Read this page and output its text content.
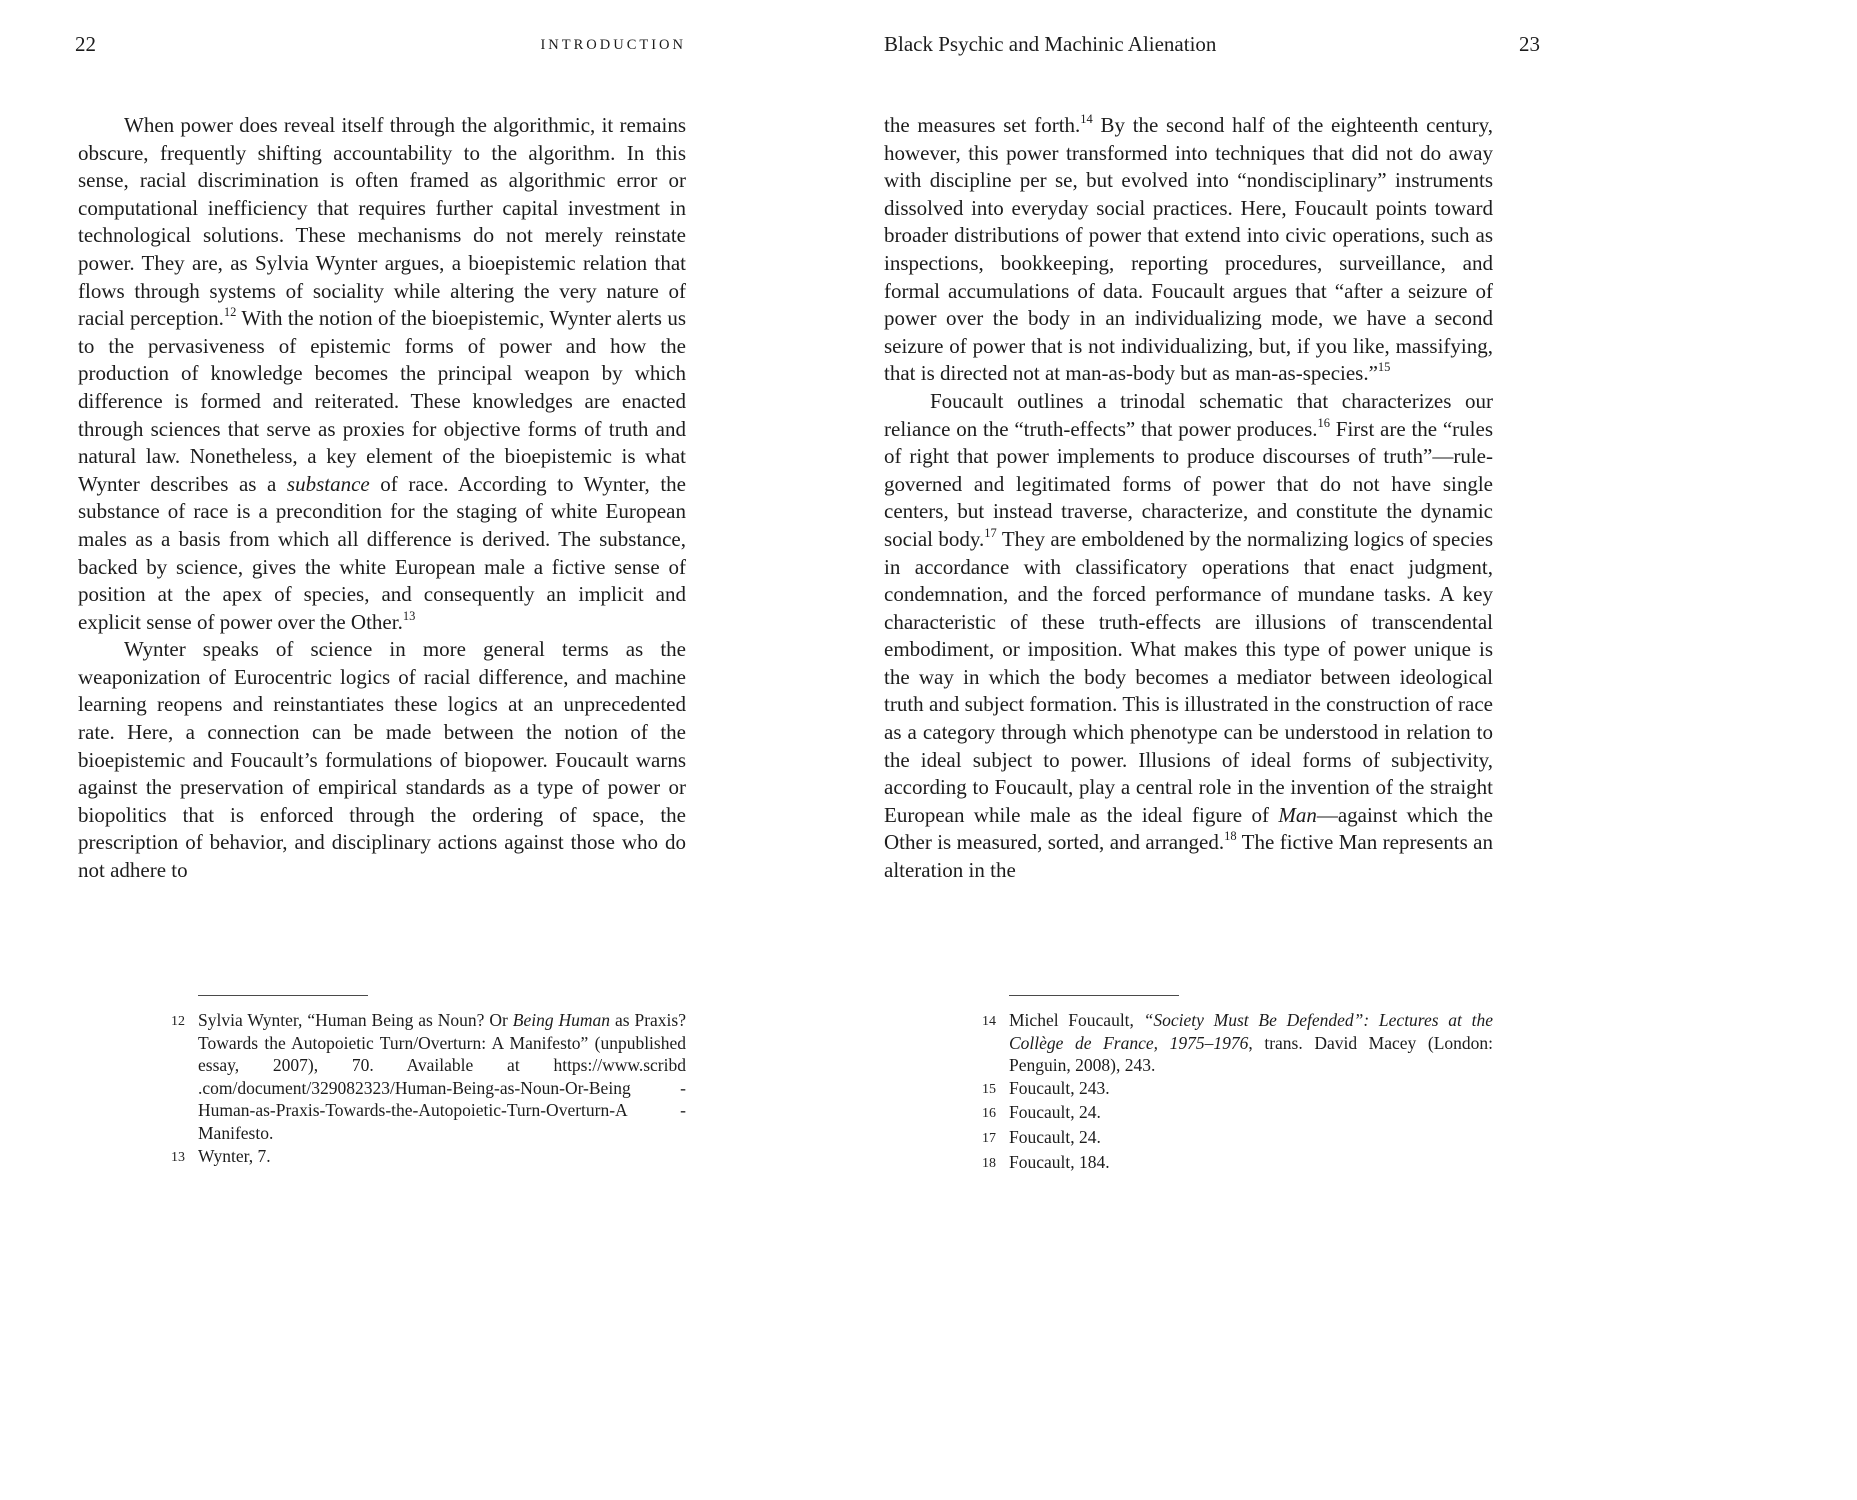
22	INTRODUCTION	Black Psychic and Machinic Alienation	23

When power does reveal itself through the algorithmic, it remains obscure, frequently shifting accountability to the algorithm. In this sense, racial discrimination is often framed as algorithmic error or computational inefficiency that requires further capital investment in technological solutions. These mechanisms do not merely reinstate power. They are, as Sylvia Wynter argues, a bioepistemic relation that flows through systems of sociality while altering the very nature of racial perception.$^{12}$ With the notion of the bioepistemic, Wynter alerts us to the pervasiveness of epistemic forms of power and how the production of knowledge becomes the principal weapon by which difference is formed and reiterated. These knowledges are enacted through sciences that serve as proxies for objective forms of truth and natural law. Nonetheless, a key element of the bioepistemic is what Wynter describes as a substance of race. According to Wynter, the substance of race is a precondition for the staging of white European males as a basis from which all difference is derived. The substance, backed by science, gives the white European male a fictive sense of position at the apex of species, and consequently an implicit and explicit sense of power over the Other.$^{13}$

Wynter speaks of science in more general terms as the weaponization of Eurocentric logics of racial difference, and machine learning reopens and reinstantiates these logics at an unprecedented rate. Here, a connection can be made between the notion of the bioepistemic and Foucault’s formulations of biopower. Foucault warns against the preservation of empirical standards as a type of power or biopolitics that is enforced through the ordering of space, the prescription of behavior, and disciplinary actions against those who do not adhere to

the measures set forth.$^{14}$ By the second half of the eighteenth century, however, this power transformed into techniques that did not do away with discipline per se, but evolved into “nondisciplinary” instruments dissolved into everyday social practices. Here, Foucault points toward broader distributions of power that extend into civic operations, such as inspections, bookkeeping, reporting procedures, surveillance, and formal accumulations of data. Foucault argues that “after a seizure of power over the body in an individualizing mode, we have a second seizure of power that is not individualizing, but, if you like, massifying, that is directed not at man-as-body but as man-as-species.”$^{15}$

Foucault outlines a trinodal schematic that characterizes our reliance on the “truth-effects” that power produces.$^{16}$ First are the “rules of right that power implements to produce discourses of truth”—rule-governed and legitimated forms of power that do not have single centers, but instead traverse, characterize, and constitute the dynamic social body.$^{17}$ They are emboldened by the normalizing logics of species in accordance with classificatory operations that enact judgment, condemnation, and the forced performance of mundane tasks. A key characteristic of these truth-effects are illusions of transcendental embodiment, or imposition. What makes this type of power unique is the way in which the body becomes a mediator between ideological truth and subject formation. This is illustrated in the construction of race as a category through which phenotype can be understood in relation to the ideal subject to power. Illusions of ideal forms of subjectivity, according to Foucault, play a central role in the invention of the straight European while male as the ideal figure of Man—against which the Other is measured, sorted, and arranged.$^{18}$ The fictive Man represents an alteration in the

12 Sylvia Wynter, “Human Being as Noun? Or Being Human as Praxis? Towards the Autopoietic Turn/Overturn: A Manifesto” (unpublished essay, 2007), 70. Available at https://www.scribd .com/document/329082323/Human-Being-as-Noun-Or-Being -Human-as-Praxis-Towards-the-Autopoietic-Turn-Overturn-A -Manifesto.
13 Wynter, 7.
14 Michel Foucault, “Society Must Be Defended”: Lectures at the Collège de France, 1975–1976, trans. David Macey (London: Penguin, 2008), 243.
15 Foucault, 243.
16 Foucault, 24.
17 Foucault, 24.
18 Foucault, 184.
